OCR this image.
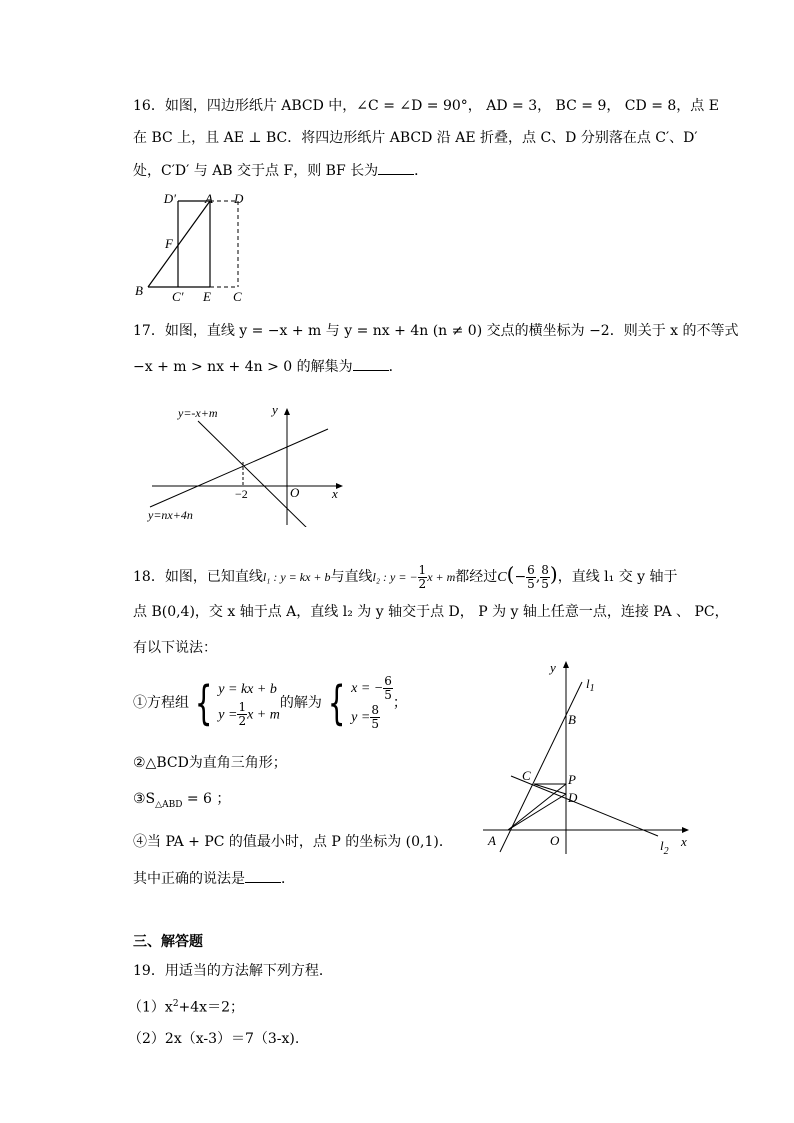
16．如图，四边形纸片 ABCD 中，∠C = ∠D = 90°， AD = 3， BC = 9， CD = 8，点 E
在 BC 上，且 AE ⊥ BC．将四边形纸片 ABCD 沿 AE 折叠，点 C、D 分别落在点 C′、D′
处，C′D′ 与 AB 交于点 F，则 BF 长为	．
D′ A D
F
B C′ E C
17．如图，直线 y = −x + m 与 y = nx + 4n (n ≠ 0) 交点的横坐标为 −2．则关于 x 的不等式
−x + m > nx + 4n > 0 的解集为	．
y=-x+m
y=nx+4n
y
x
O
−2
18．如图，已知直线l₁ : y = kx + b与直线l₂ : y = − $\frac{1}{2}$ x + m都经过$C(- \frac{6}{5}$ , $\frac{8}{5}$ )，直线 l₁ 交 y 轴于
点 B(0,4)，交 x 轴于点 A，直线 l₂ 为 y 轴交于点 D， P 为 y 轴上任意一点，连接 PA 、 PC，
有以下说法：
①方程组 { y = kx + b
$y = \frac{1}{2}$ x + m
的解为 { x = − $\frac{6}{5}$
$y = \frac{8}{5}$
；
②△BCD为直角三角形；
$③S_{\triangle ABD} = 6$ ；
④当 PA + PC 的值最小时，点 P 的坐标为 (0,1)．
其中正确的说法是	．
y
x
$l_1$
$l_2$
B
C	P
D
A	O
三、解答题
19．用适当的方法解下列方程．
$(1)x^2+4x=2$；
（2）2x（x-3）＝7（3-x).
